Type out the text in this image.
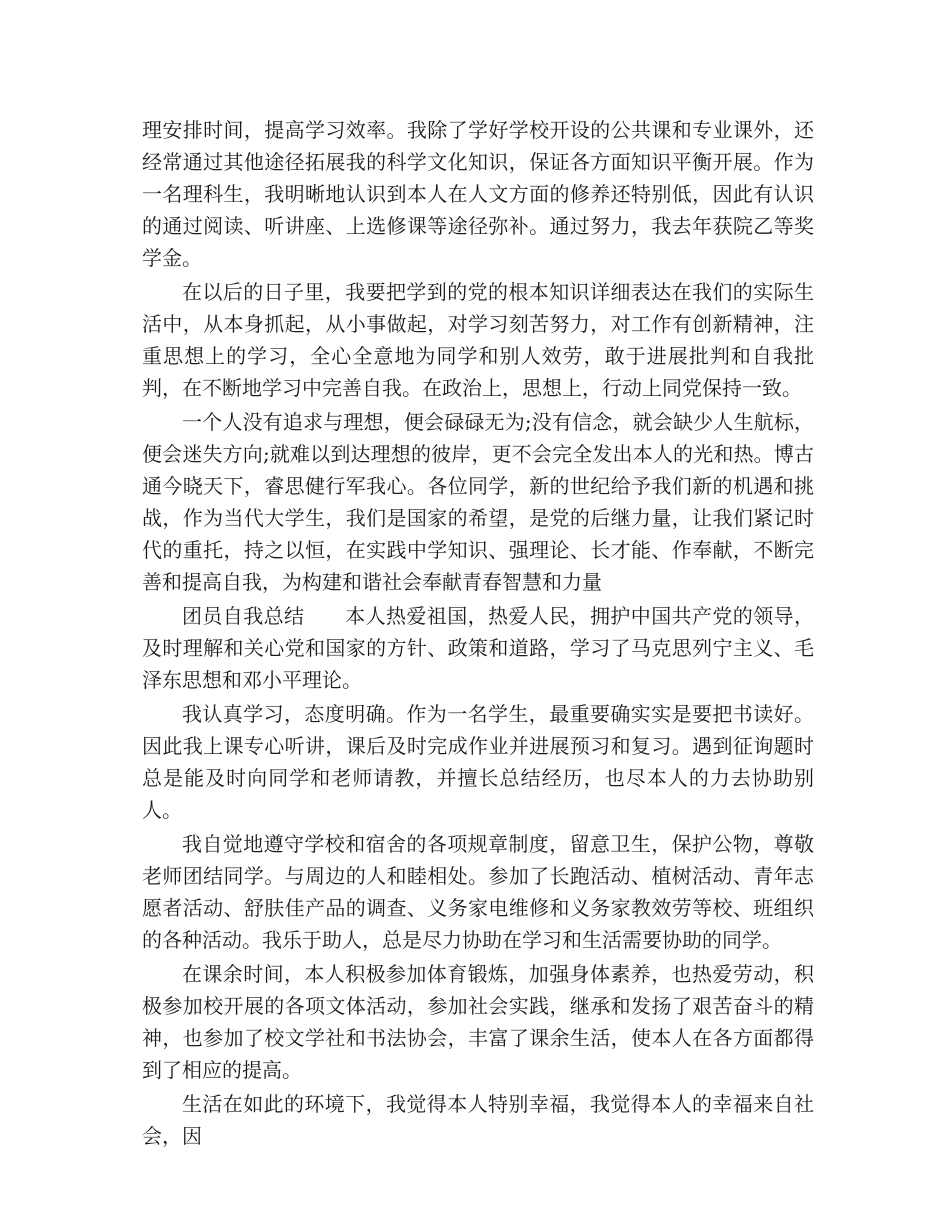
理安排时间，提高学习效率。我除了学好学校开设的公共课和专业课外，还经常通过其他途径拓展我的科学文化知识，保证各方面知识平衡开展。作为一名理科生，我明晰地认识到本人在人文方面的修养还特别低，因此有认识的通过阅读、听讲座、上选修课等途径弥补。通过努力，我去年获院乙等奖学金。

在以后的日子里，我要把学到的党的根本知识详细表达在我们的实际生活中，从本身抓起，从小事做起，对学习刻苦努力，对工作有创新精神，注重思想上的学习，全心全意地为同学和别人效劳，敢于进展批判和自我批判，在不断地学习中完善自我。在政治上，思想上，行动上同党保持一致。

一个人没有追求与理想，便会碌碌无为;没有信念，就会缺少人生航标，便会迷失方向;就难以到达理想的彼岸，更不会完全发出本人的光和热。博古通今晓天下，睿思健行军我心。各位同学，新的世纪给予我们新的机遇和挑战，作为当代大学生，我们是国家的希望，是党的后继力量，让我们紧记时代的重托，持之以恒，在实践中学知识、强理论、长才能、作奉献，不断完善和提高自我，为构建和谐社会奉献青春智慧和力量

团员自我总结　　本人热爱祖国，热爱人民，拥护中国共产党的领导，及时理解和关心党和国家的方针、政策和道路，学习了马克思列宁主义、毛泽东思想和邓小平理论。

我认真学习，态度明确。作为一名学生，最重要确实实是要把书读好。因此我上课专心听讲，课后及时完成作业并进展预习和复习。遇到征询题时总是能及时向同学和老师请教，并擅长总结经历，也尽本人的力去协助别人。

我自觉地遵守学校和宿舍的各项规章制度，留意卫生，保护公物，尊敬老师团结同学。与周边的人和睦相处。参加了长跑活动、植树活动、青年志愿者活动、舒肤佳产品的调查、义务家电维修和义务家教效劳等校、班组织的各种活动。我乐于助人，总是尽力协助在学习和生活需要协助的同学。

在课余时间，本人积极参加体育锻炼，加强身体素养，也热爱劳动，积极参加校开展的各项文体活动，参加社会实践，继承和发扬了艰苦奋斗的精神，也参加了校文学社和书法协会，丰富了课余生活，使本人在各方面都得到了相应的提高。

生活在如此的环境下，我觉得本人特别幸福，我觉得本人的幸福来自社会，因
